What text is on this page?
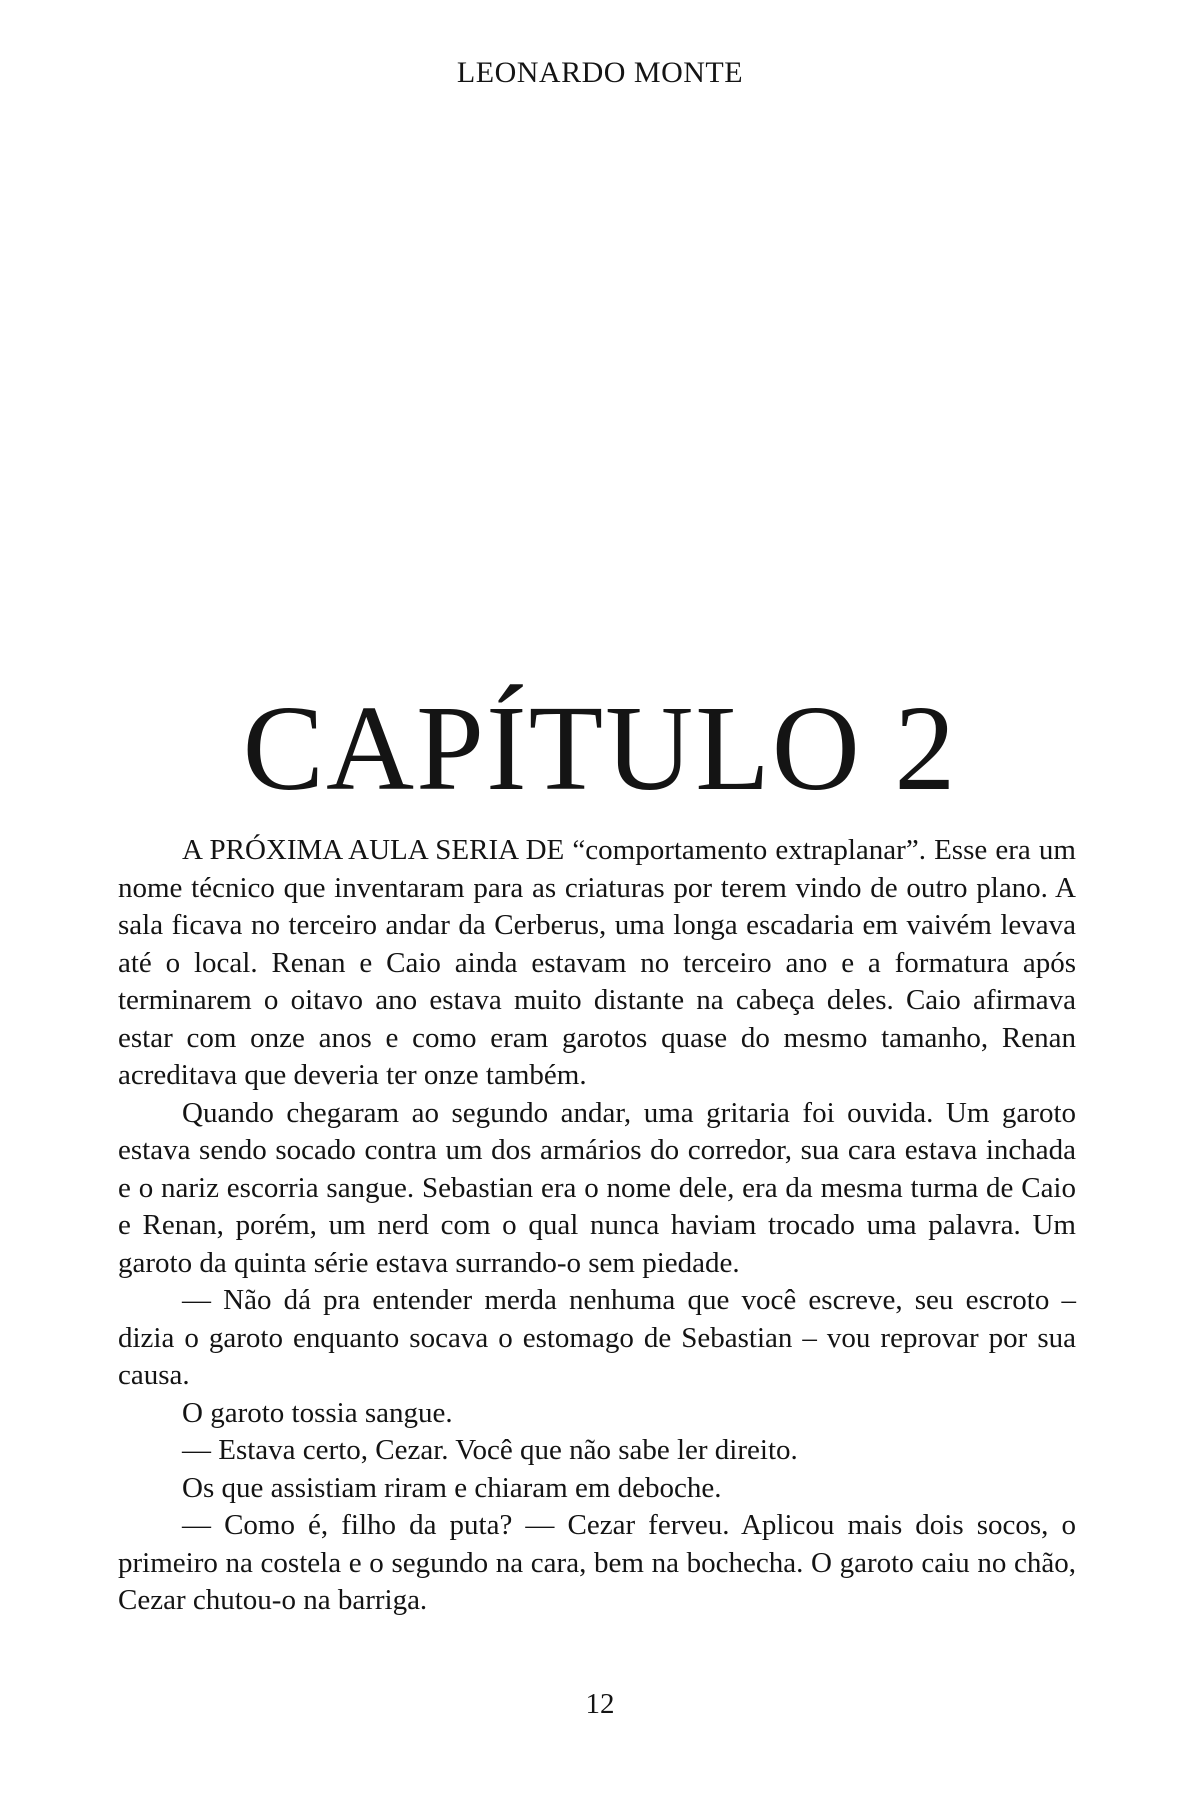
LEONARDO MONTE
CAPÍTULO 2

A PRÓXIMA AULA SERIA DE “comportamento extraplanar”. Esse era um nome técnico que inventaram para as criaturas por terem vindo de outro plano. A sala ficava no terceiro andar da Cerberus, uma longa escadaria em vaivém levava até o local. Renan e Caio ainda estavam no terceiro ano e a formatura após terminarem o oitavo ano estava muito distante na cabeça deles. Caio afirmava estar com onze anos e como eram garotos quase do mesmo tamanho, Renan acreditava que deveria ter onze também.

Quando chegaram ao segundo andar, uma gritaria foi ouvida. Um garoto estava sendo socado contra um dos armários do corredor, sua cara estava inchada e o nariz escorria sangue. Sebastian era o nome dele, era da mesma turma de Caio e Renan, porém, um nerd com o qual nunca haviam trocado uma palavra. Um garoto da quinta série estava surrando-o sem piedade.

— Não dá pra entender merda nenhuma que você escreve, seu escroto – dizia o garoto enquanto socava o estomago de Sebastian – vou reprovar por sua causa.

O garoto tossia sangue.

— Estava certo, Cezar. Você que não sabe ler direito.

Os que assistiam riram e chiaram em deboche.

— Como é, filho da puta? — Cezar ferveu. Aplicou mais dois socos, o primeiro na costela e o segundo na cara, bem na bochecha. O garoto caiu no chão, Cezar chutou-o na barriga.

12
